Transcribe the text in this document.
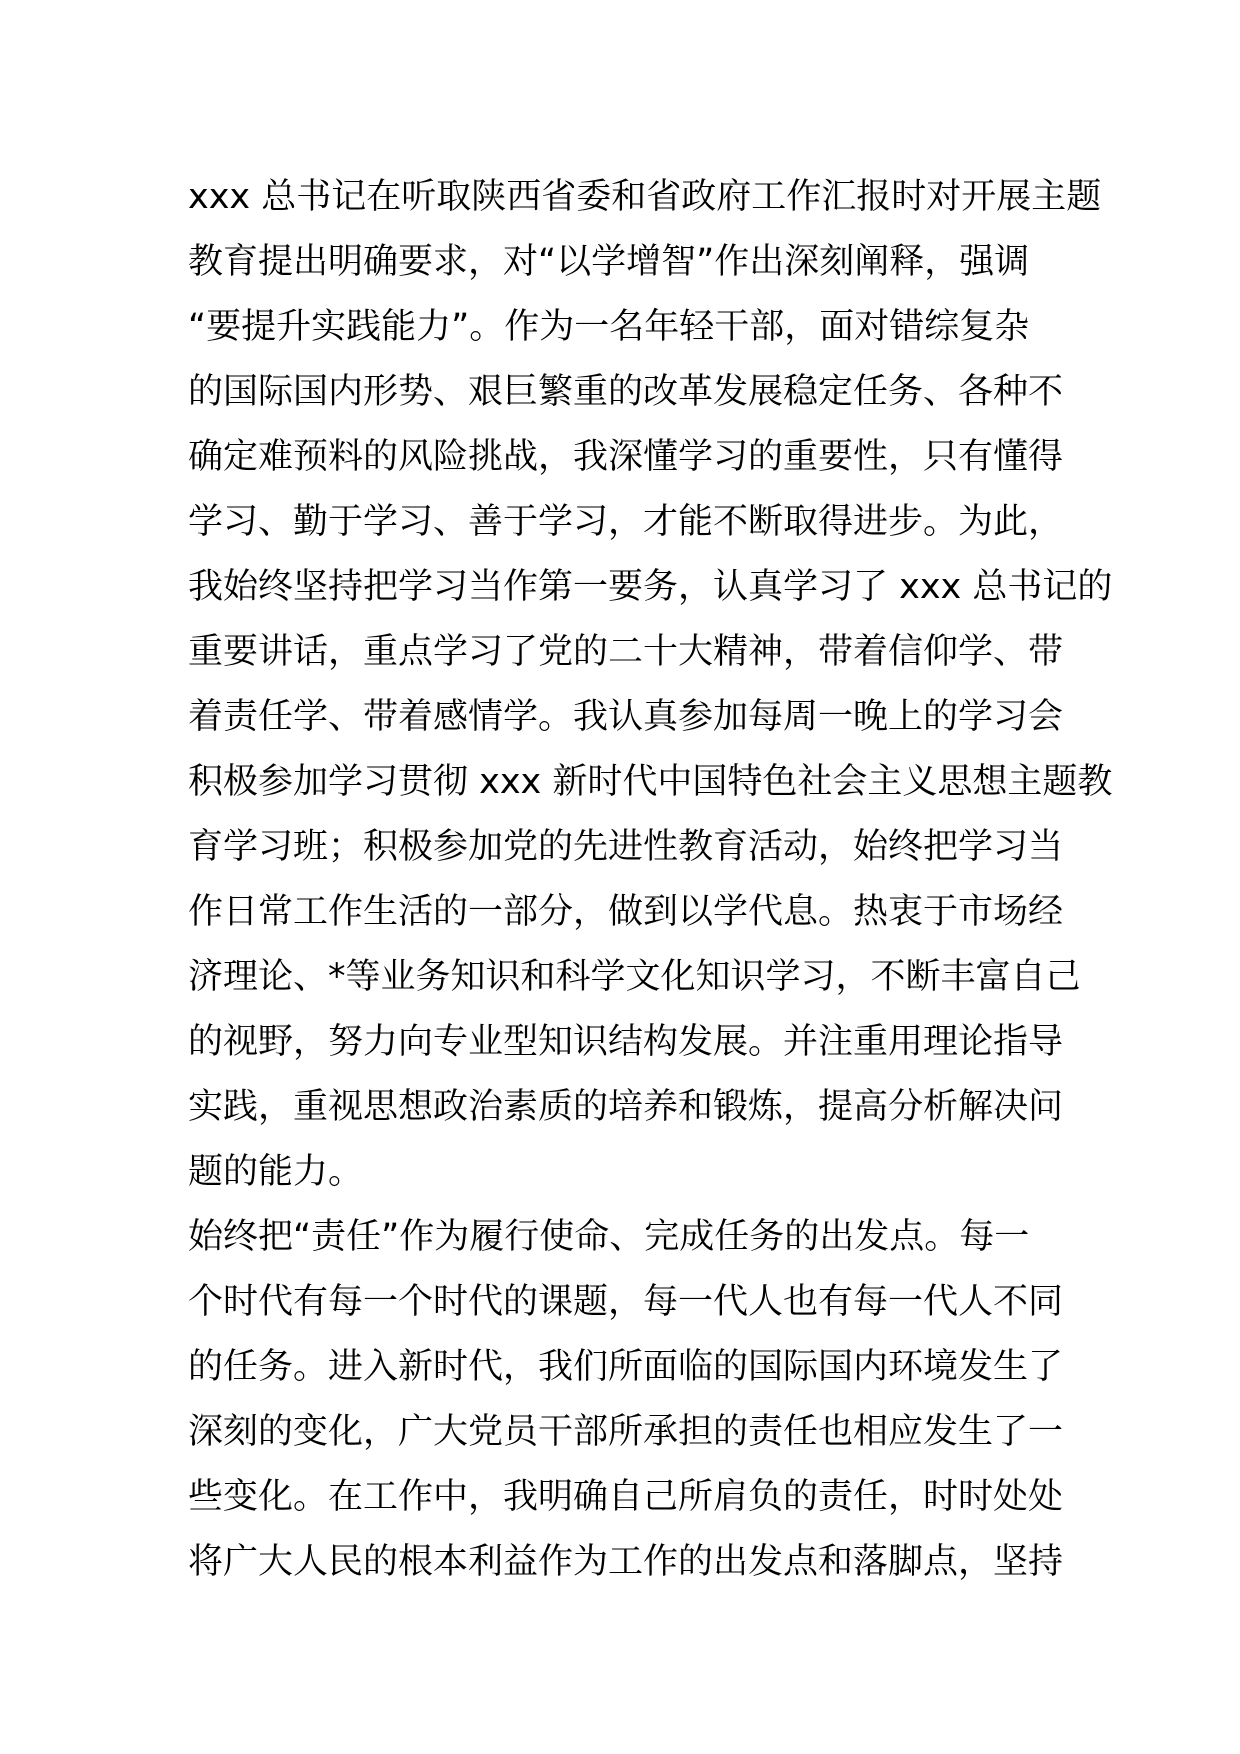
xxx 总书记在听取陕西省委和省政府工作汇报时对开展主题
教育提出明确要求，对“以学增智”作出深刻阐释，强调
“要提升实践能力”。作为一名年轻干部，面对错综复杂
的国际国内形势、艰巨繁重的改革发展稳定任务、各种不
确定难预料的风险挑战，我深懂学习的重要性，只有懂得
学习、勤于学习、善于学习，才能不断取得进步。为此，
我始终坚持把学习当作第一要务，认真学习了 xxx 总书记的
重要讲话，重点学习了党的二十大精神，带着信仰学、带
着责任学、带着感情学。我认真参加每周一晚上的学习会
积极参加学习贯彻 xxx 新时代中国特色社会主义思想主题教
育学习班；积极参加党的先进性教育活动，始终把学习当
作日常工作生活的一部分，做到以学代息。热衷于市场经
济理论、*等业务知识和科学文化知识学习，不断丰富自己
的视野，努力向专业型知识结构发展。并注重用理论指导
实践，重视思想政治素质的培养和锻炼，提高分析解决问
题的能力。
始终把“责任”作为履行使命、完成任务的出发点。每一
个时代有每一个时代的课题，每一代人也有每一代人不同
的任务。进入新时代，我们所面临的国际国内环境发生了
深刻的变化，广大党员干部所承担的责任也相应发生了一
些变化。在工作中，我明确自己所肩负的责任，时时处处
将广大人民的根本利益作为工作的出发点和落脚点，坚持
